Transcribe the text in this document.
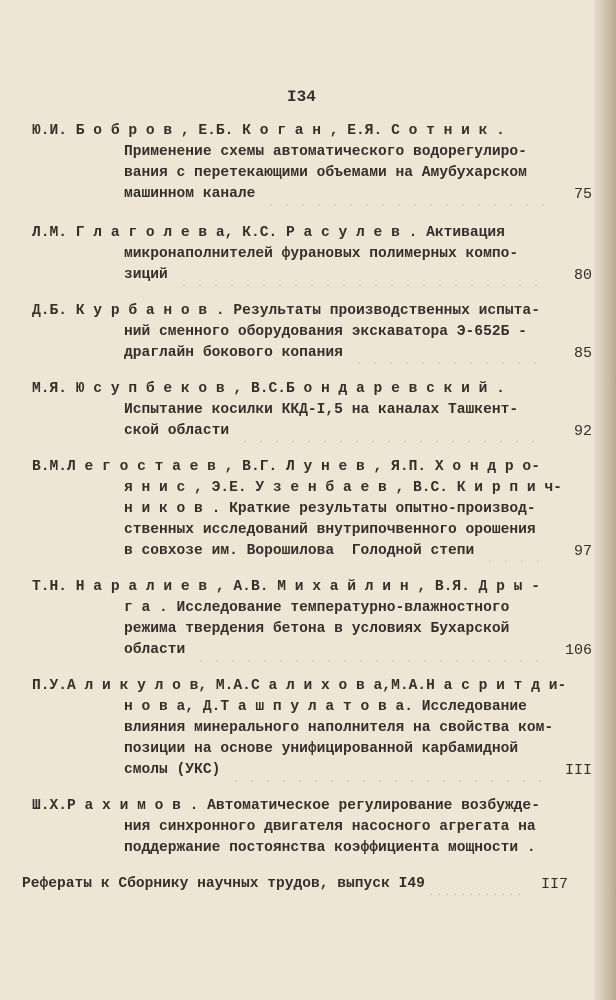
I34
Ю.И. Б о б р о в , Е.Б. К о г а н , Е.Я. С о т н и к .
Применение схемы автоматического водорегулиро-
вания с перетекающими объемами на Амубухарском
машинном канале	75
Л.М. Г л а г о л е в а, К.С. Р а с у л е в . Активация
микронаполнителей фурановых полимерных компо-
зиций	80
Д.Б. К у р б а н о в . Результаты производственных испыта-
ний сменного оборудования экскаватора Э-652Б -
драглайн бокового копания	85
М.Я. Ю с у п б е к о в , В.С.Б о н д а р е в с к и й .
Испытание косилки ККД-I,5 на каналах Ташкент-
ской области	92
В.М.Л е г о с т а е в , В.Г. Л у н е в , Я.П. Х о н д р о-
я н и с , Э.Е. У з е н б а е в , В.С. К и р п и ч-
н и к о в . Краткие результаты опытно-производ-
ственных исследований внутрипочвенного орошения
в совхозе им. Ворошилова  Голодной степи	97
Т.Н. Н а р а л и е в , А.В. М и х а й л и н , В.Я. Д р ы -
г а . Исследование температурно-влажностного
режима твердения бетона в условиях Бухарской
области	106
П.У.А л и к у л о в, М.А.С а л и х о в а,М.А.Н а с р и т д и-
н о в а, Д.Т а ш п у л а т о в а. Исследование
влияния минерального наполнителя на свойства ком-
позиции на основе унифицированной карбамидной
смолы (УКС)	III
Ш.Х.Р а х и м о в . Автоматическое регулирование возбужде-
ния синхронного двигателя насосного агрегата на
поддержание постоянства коэффициента мощности .
Рефераты к Сборнику научных трудов, выпуск I49	II7
